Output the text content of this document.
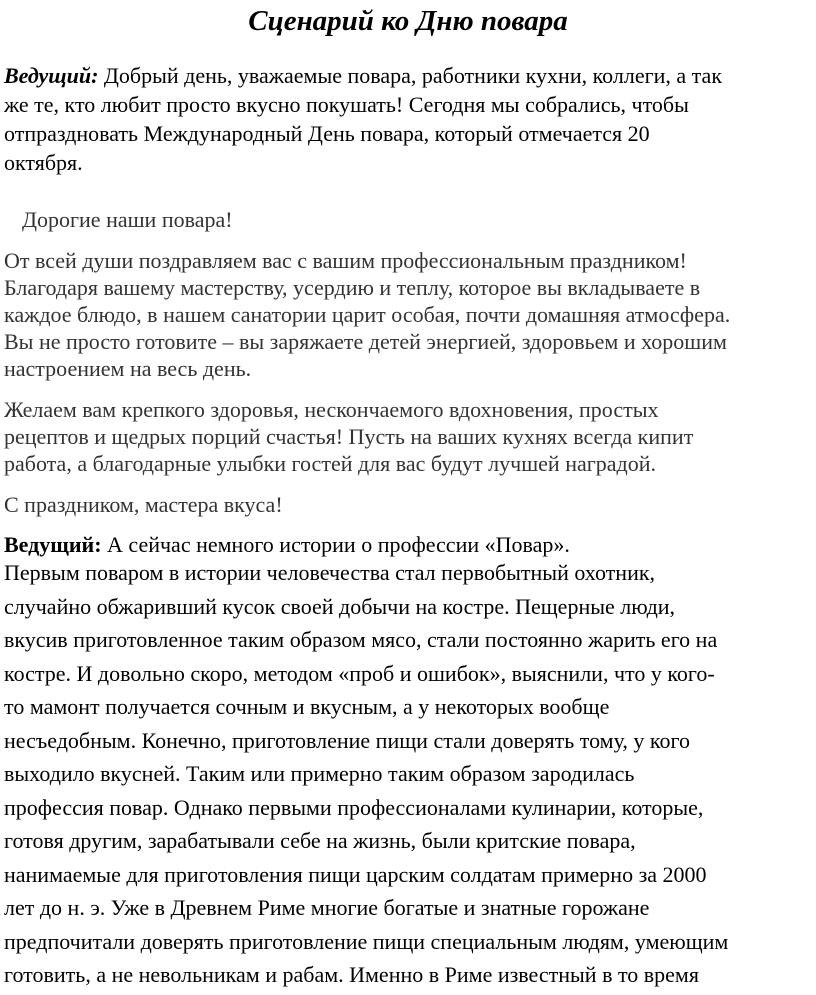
Сценарий ко Дню повара
Ведущий: Добрый день, уважаемые повара, работники кухни, коллеги, а так
же те, кто любит просто вкусно покушать! Сегодня мы собрались, чтобы
отпраздновать Международный День повара, который отмечается 20
октября.
Дорогие наши повара!
От всей души поздравляем вас с вашим профессиональным праздником!
Благодаря вашему мастерству, усердию и теплу, которое вы вкладываете в
каждое блюдо, в нашем санатории царит особая, почти домашняя атмосфера.
Вы не просто готовите – вы заряжаете детей энергией, здоровьем и хорошим
настроением на весь день.
Желаем вам крепкого здоровья, нескончаемого вдохновения, простых
рецептов и щедрых порций счастья! Пусть на ваших кухнях всегда кипит
работа, а благодарные улыбки гостей для вас будут лучшей наградой.
С праздником, мастера вкуса!
Ведущий: А сейчас немного истории о профессии «Повар».
Первым поваром в истории человечества стал первобытный охотник,
случайно обжаривший кусок своей добычи на костре. Пещерные люди,
вкусив приготовленное таким образом мясо, стали постоянно жарить его на
костре. И довольно скоро, методом «проб и ошибок», выяснили, что у кого-
то мамонт получается сочным и вкусным, а у некоторых вообще
несъедобным. Конечно, приготовление пищи стали доверять тому, у кого
выходило вкусней. Таким или примерно таким образом зародилась
профессия повар. Однако первыми профессионалами кулинарии, которые,
готовя другим, зарабатывали себе на жизнь, были критские повара,
нанимаемые для приготовления пищи царским солдатам примерно за 2000
лет до н. э. Уже в Древнем Риме многие богатые и знатные горожане
предпочитали доверять приготовление пищи специальным людям, умеющим
готовить, а не невольникам и рабам. Именно в Риме известный в то время
